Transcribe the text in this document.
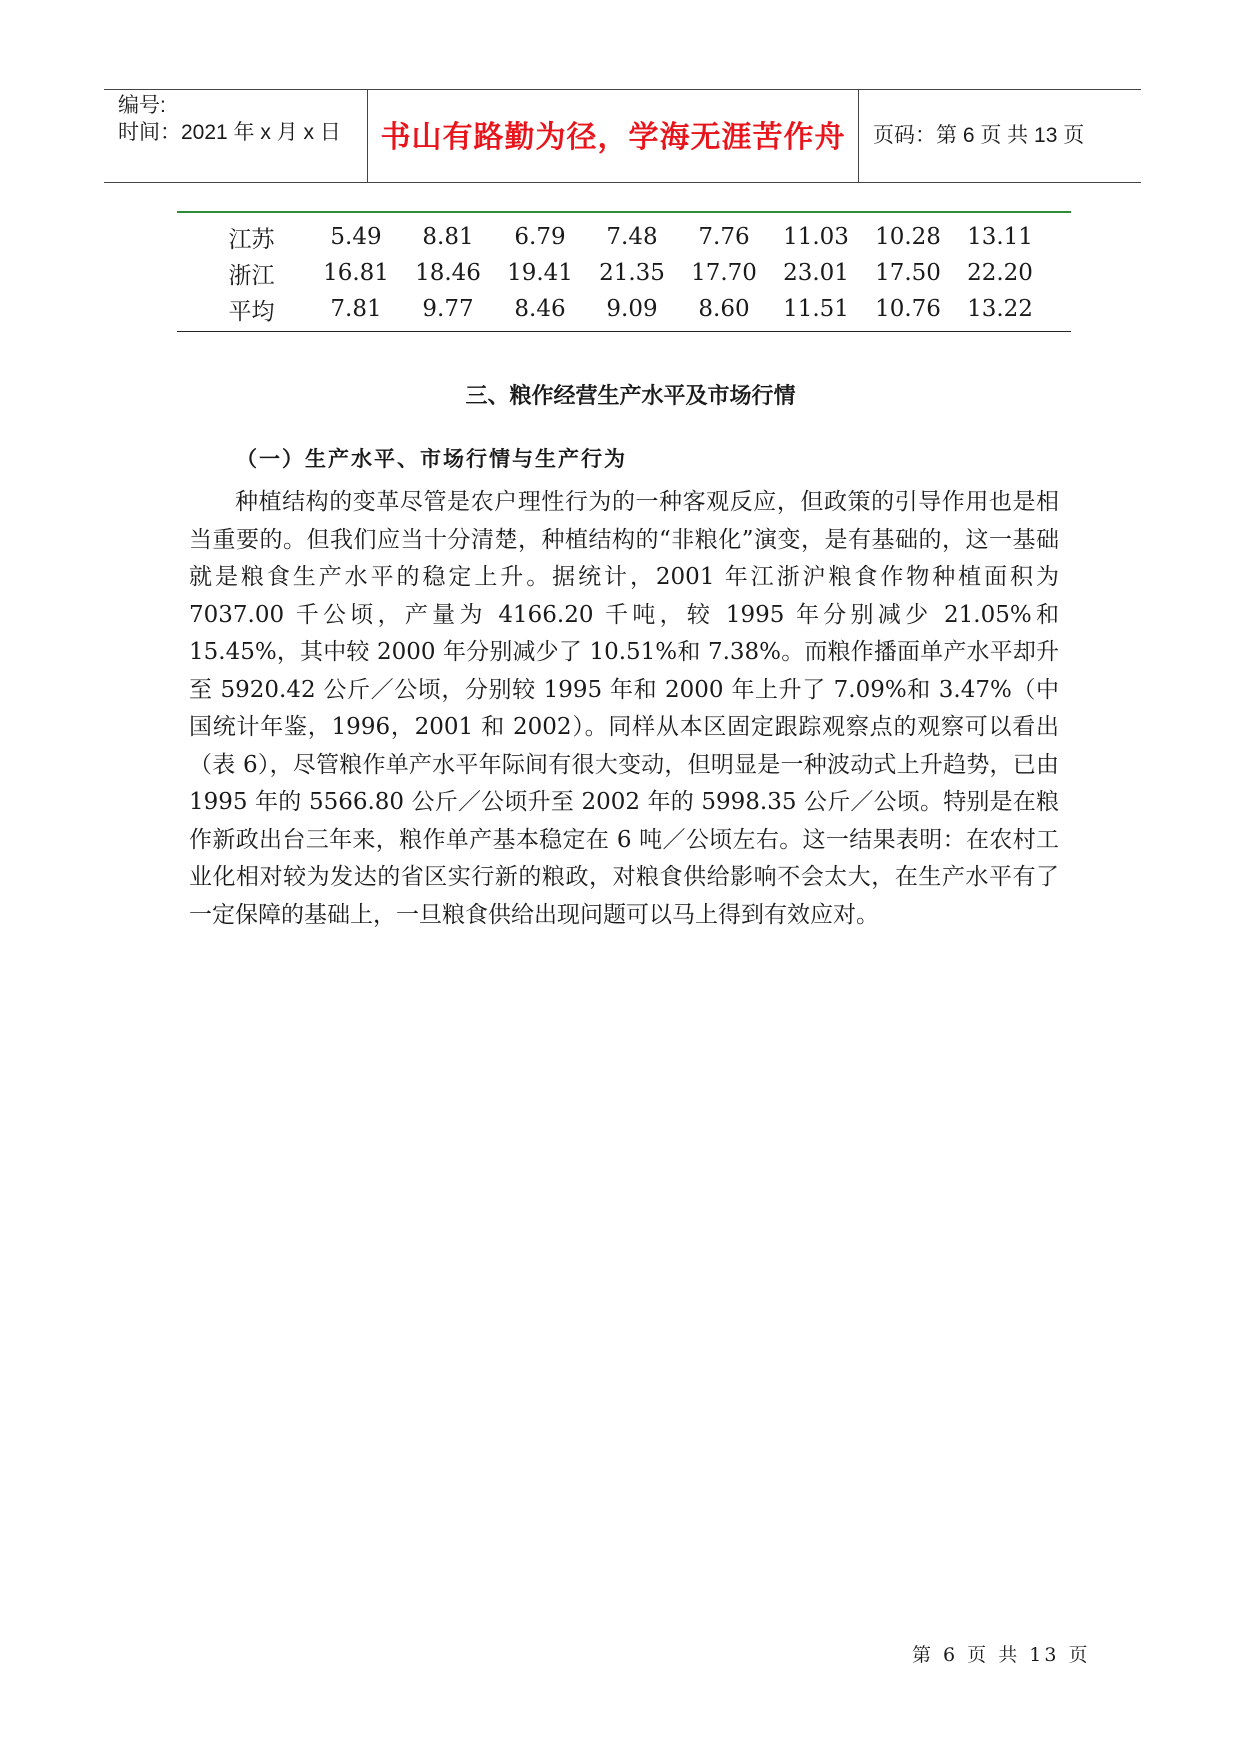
编号:
时间：2021 年 x 月 x 日	书山有路勤为径，学海无涯苦作舟	页码：第 6 页 共 13 页
江苏	5.49	8.81	6.79	7.48	7.76	11.03	10.28	13.11
浙江	16.81	18.46	19.41	21.35	17.70	23.01	17.50	22.20
平均	7.81	9.77	8.46	9.09	8.60	11.51	10.76	13.22
三、粮作经营生产水平及市场行情
（一）生产水平、市场行情与生产行为

种植结构的变革尽管是农户理性行为的一种客观反应，但政策的引导作用也是相当重要的。但我们应当十分清楚，种植结构的“非粮化”演变，是有基础的，这一基础就是粮食生产水平的稳定上升。据统计，2001 年江浙沪粮食作物种植面积为 7037.00 千公顷，产量为 4166.20 千吨，较 1995 年分别减少 21.05%和 15.45%，其中较 2000 年分别减少了 10.51%和 7.38%。而粮作播面单产水平却升至 5920.42 公斤／公顷，分别较 1995 年和 2000 年上升了 7.09%和 3.47%（中国统计年鉴，1996，2001 和 2002）。同样从本区固定跟踪观察点的观察可以看出（表 6），尽管粮作单产水平年际间有很大变动，但明显是一种波动式上升趋势，已由 1995 年的 5566.80 公斤／公顷升至 2002 年的 5998.35 公斤／公顷。特别是在粮作新政出台三年来，粮作单产基本稳定在 6 吨／公顷左右。这一结果表明：在农村工业化相对较为发达的省区实行新的粮政，对粮食供给影响不会太大，在生产水平有了一定保障的基础上，一旦粮食供给出现问题可以马上得到有效应对。

第 6 页 共 13 页
